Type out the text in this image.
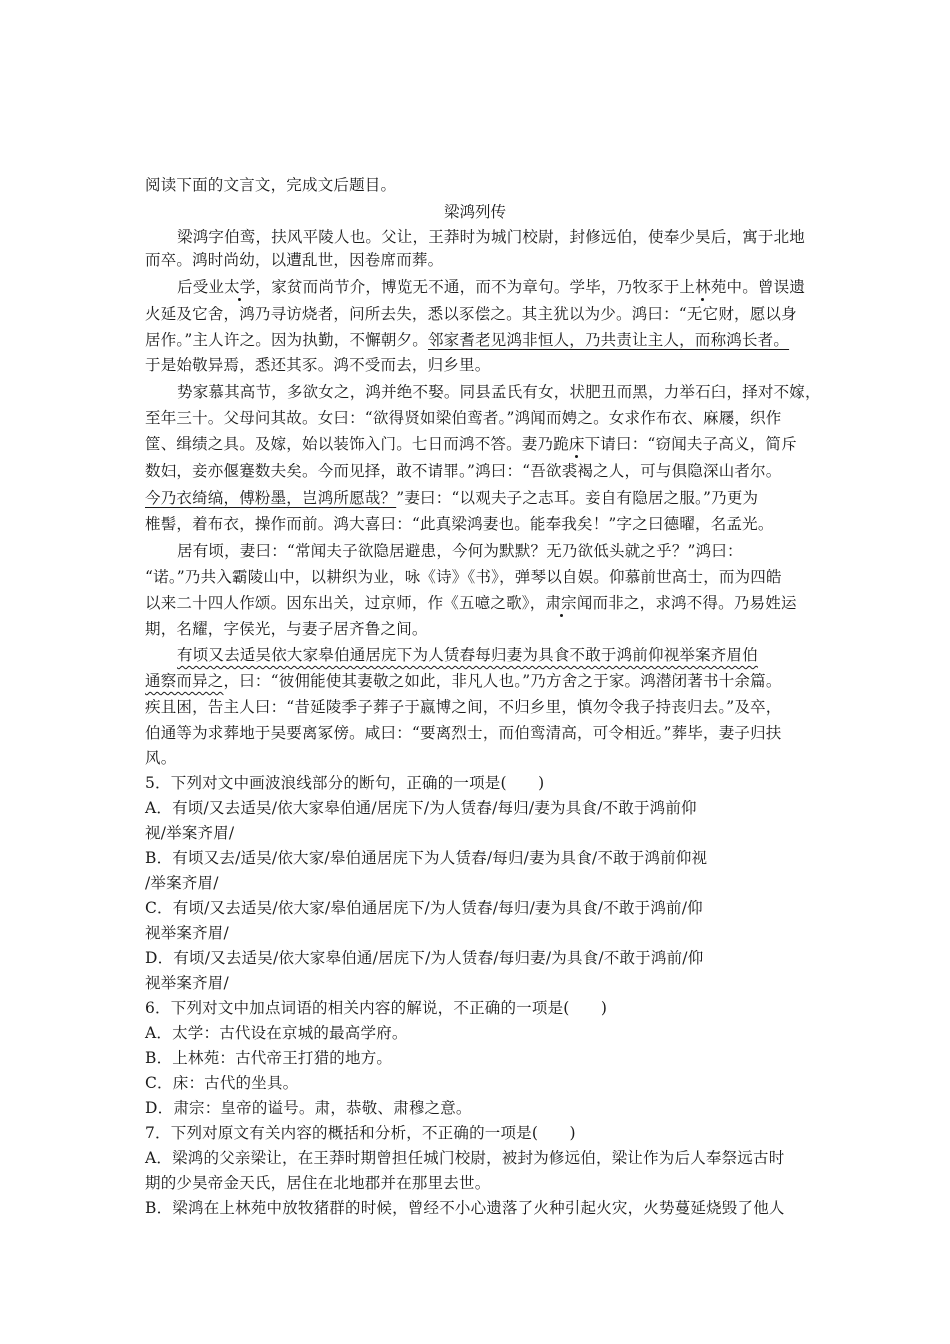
阅读下面的文言文，完成文后题目。
梁鸿列传
梁鸿字伯鸾，扶风平陵人也。父让，王莽时为城门校尉，封修远伯，使奉少昊后，寓于北地
而卒。鸿时尚幼，以遭乱世，因卷席而葬。
后受业太学，家贫而尚节介，博览无不通，而不为章句。学毕，乃牧豕于上林苑中。曾误遗
火延及它舍，鸿乃寻访烧者，问所去失，悉以豕偿之。其主犹以为少。鸿曰：“无它财，愿以身
居作。”主人许之。因为执勤，不懈朝夕。邻家耆老见鸿非恒人，乃共责让主人，而称鸿长者。
于是始敬异焉，悉还其豕。鸿不受而去，归乡里。
势家慕其高节，多欲女之，鸿并绝不娶。同县孟氏有女，状肥丑而黑，力举石臼，择对不嫁，
至年三十。父母问其故。女曰：“欲得贤如梁伯鸾者。”鸿闻而娉之。女求作布衣、麻屦，织作
筐、缉绩之具。及嫁，始以装饰入门。七日而鸿不答。妻乃跪床下请曰：“窃闻夫子高义，简斥
数妇，妾亦偃蹇数夫矣。今而见择，敢不请罪。”鸿曰：“吾欲裘褐之人，可与俱隐深山者尔。
今乃衣绮缟，傅粉墨，岂鸿所愿哉？”妻曰：“以观夫子之志耳。妾自有隐居之服。”乃更为
椎髻，着布衣，操作而前。鸿大喜曰：“此真梁鸿妻也。能奉我矣！”字之曰德曜，名孟光。
居有顷，妻曰：“常闻夫子欲隐居避患，今何为默默？无乃欲低头就之乎？”鸿曰：
“诺。”乃共入霸陵山中，以耕织为业，咏《诗》《书》，弹琴以自娱。仰慕前世高士，而为四皓
以来二十四人作颂。因东出关，过京师，作《五噫之歌》，肃宗闻而非之，求鸿不得。乃易姓运
期，名耀，字侯光，与妻子居齐鲁之间。
有顷又去适吴依大家皋伯通居庑下为人赁舂每归妻为具食不敢于鸿前仰视举案齐眉伯
通察而异之，曰：“彼佣能使其妻敬之如此，非凡人也。”乃方舍之于家。鸿潜闭著书十余篇。
疾且困，告主人曰：“昔延陵季子葬子于嬴博之间，不归乡里，慎勿令我子持丧归去。”及卒，
伯通等为求葬地于吴要离冢傍。咸曰：“要离烈士，而伯鸾清高，可令相近。”葬毕，妻子归扶
风。
5．下列对文中画波浪线部分的断句，正确的一项是(　　)
A．有顷/又去适吴/依大家皋伯通/居庑下/为人赁舂/每归/妻为具食/不敢于鸿前仰
视/举案齐眉/
B．有顷又去/适吴/依大家/皋伯通居庑下为人赁舂/每归/妻为具食/不敢于鸿前仰视
/举案齐眉/
C．有顷/又去适吴/依大家/皋伯通居庑下/为人赁舂/每归/妻为具食/不敢于鸿前/仰
视举案齐眉/
D．有顷/又去适吴/依大家皋伯通/居庑下/为人赁舂/每归妻/为具食/不敢于鸿前/仰
视举案齐眉/
6．下列对文中加点词语的相关内容的解说，不正确的一项是(　　)
A．太学：古代设在京城的最高学府。
B．上林苑：古代帝王打猎的地方。
C．床：古代的坐具。
D．肃宗：皇帝的谥号。肃，恭敬、肃穆之意。
7．下列对原文有关内容的概括和分析，不正确的一项是(　　)
A．梁鸿的父亲梁让，在王莽时期曾担任城门校尉，被封为修远伯，梁让作为后人奉祭远古时
期的少昊帝金天氏，居住在北地郡并在那里去世。
B．梁鸿在上林苑中放牧猪群的时候，曾经不小心遗落了火种引起火灾，火势蔓延烧毁了他人
